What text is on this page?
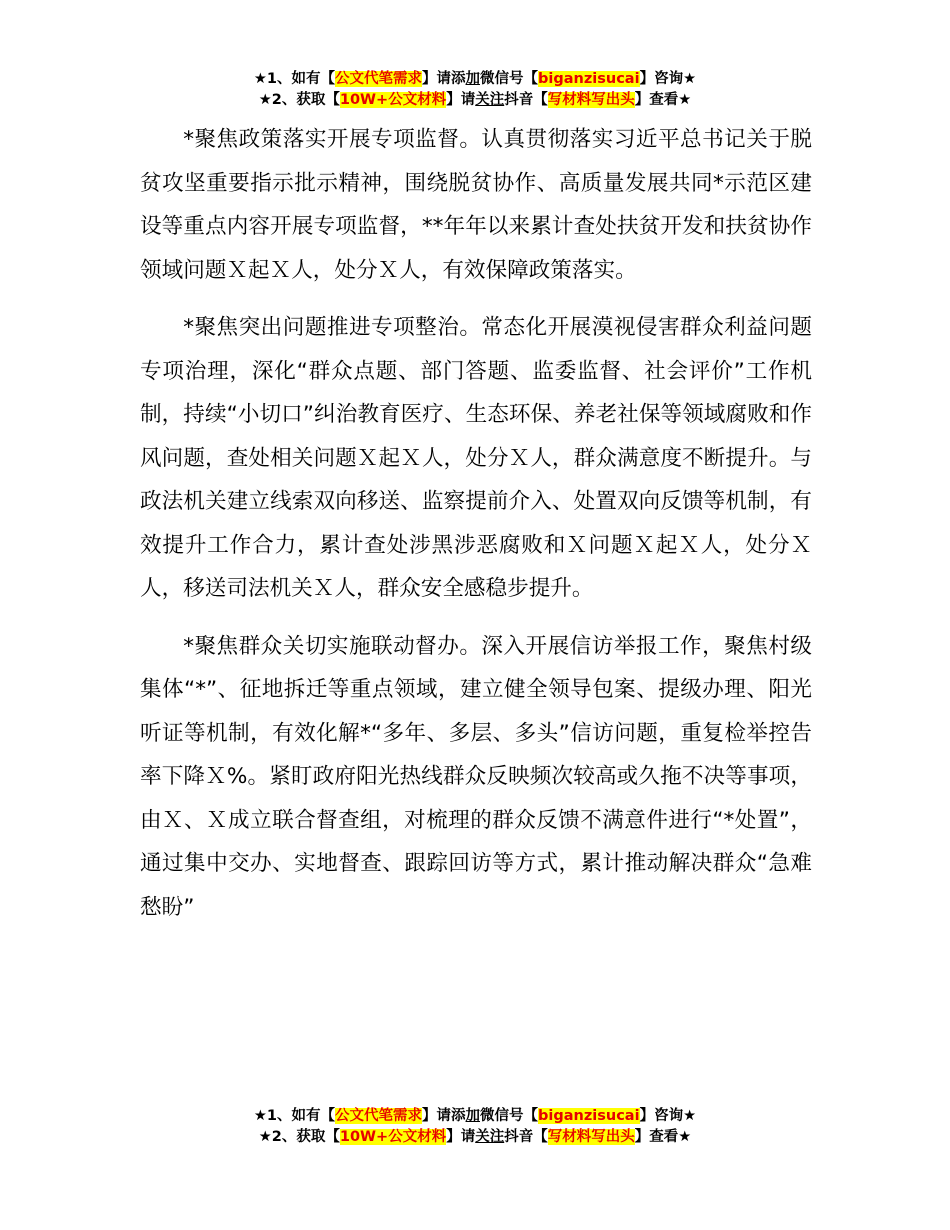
★1、如有【公文代笔需求】请添加微信号【biganzisucai】咨询★
★2、获取【10W+公文材料】请关注抖音【写材料写出头】查看★

*聚焦政策落实开展专项监督。认真贯彻落实习近平总书记关于脱贫攻坚重要指示批示精神，围绕脱贫协作、高质量发展共同*示范区建设等重点内容开展专项监督，**年年以来累计查处扶贫开发和扶贫协作领域问题Ｘ起Ｘ人，处分Ｘ人，有效保障政策落实。

*聚焦突出问题推进专项整治。常态化开展漠视侵害群众利益问题专项治理，深化“群众点题、部门答题、监委监督、社会评价”工作机制，持续“小切口”纠治教育医疗、生态环保、养老社保等领域腐败和作风问题，查处相关问题Ｘ起Ｘ人，处分Ｘ人，群众满意度不断提升。与政法机关建立线索双向移送、监察提前介入、处置双向反馈等机制，有效提升工作合力，累计查处涉黑涉恶腐败和Ｘ问题Ｘ起Ｘ人，处分Ｘ人，移送司法机关Ｘ人，群众安全感稳步提升。

*聚焦群众关切实施联动督办。深入开展信访举报工作，聚焦村级集体“*”、征地拆迁等重点领域，建立健全领导包案、提级办理、阳光听证等机制，有效化解*“多年、多层、多头”信访问题，重复检举控告率下降Ｘ%。紧盯政府阳光热线群众反映频次较高或久拖不决等事项，由Ｘ、Ｘ成立联合督查组，对梳理的群众反馈不满意件进行“*处置”，通过集中交办、实地督查、跟踪回访等方式，累计推动解决群众“急难愁盼”

★1、如有【公文代笔需求】请添加微信号【biganzisucai】咨询★
★2、获取【10W+公文材料】请关注抖音【写材料写出头】查看★
